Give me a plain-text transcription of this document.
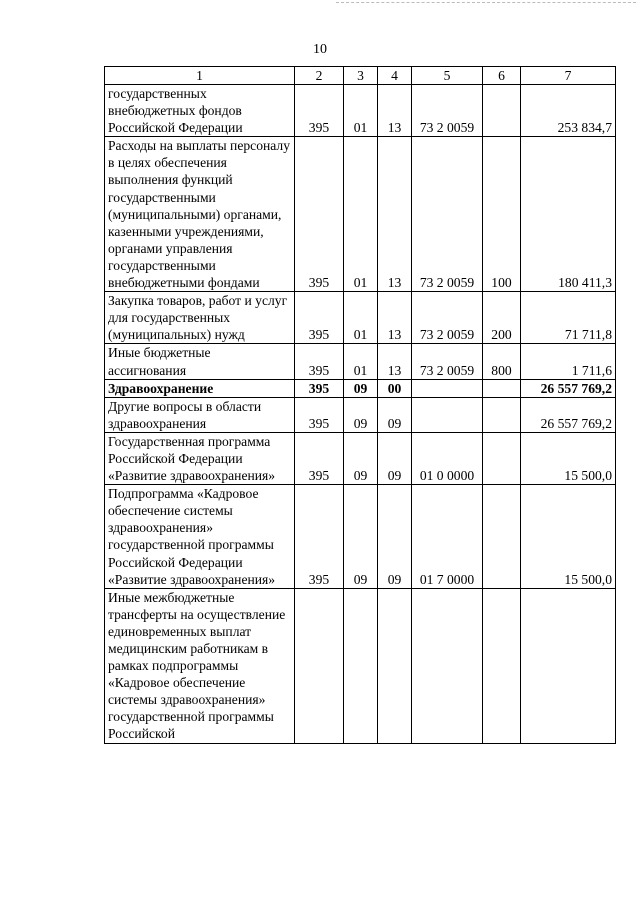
10
1	2	3	4	5	6	7
государственных внебюджетных фондов Российской Федерации	395	01	13	73 2 0059		253 834,7
Расходы на выплаты персоналу в целях обеспечения выполнения функций государственными (муниципальными) органами, казенными учреждениями, органами управления государственными внебюджетными фондами	395	01	13	73 2 0059	100	180 411,3
Закупка товаров, работ и услуг для государственных (муниципальных) нужд	395	01	13	73 2 0059	200	71 711,8
Иные бюджетные ассигнования	395	01	13	73 2 0059	800	1 711,6
Здравоохранение	395	09	00			26 557 769,2
Другие вопросы в области здравоохранения	395	09	09			26 557 769,2
Государственная программа Российской Федерации «Развитие здравоохранения»	395	09	09	01 0 0000		15 500,0
Подпрограмма «Кадровое обеспечение системы здравоохранения» государственной программы Российской Федерации «Развитие здравоохранения»	395	09	09	01 7 0000		15 500,0
Иные межбюджетные трансферты на осуществление единовременных выплат медицинским работникам в рамках подпрограммы «Кадровое обеспечение системы здравоохранения» государственной программы Российской						
